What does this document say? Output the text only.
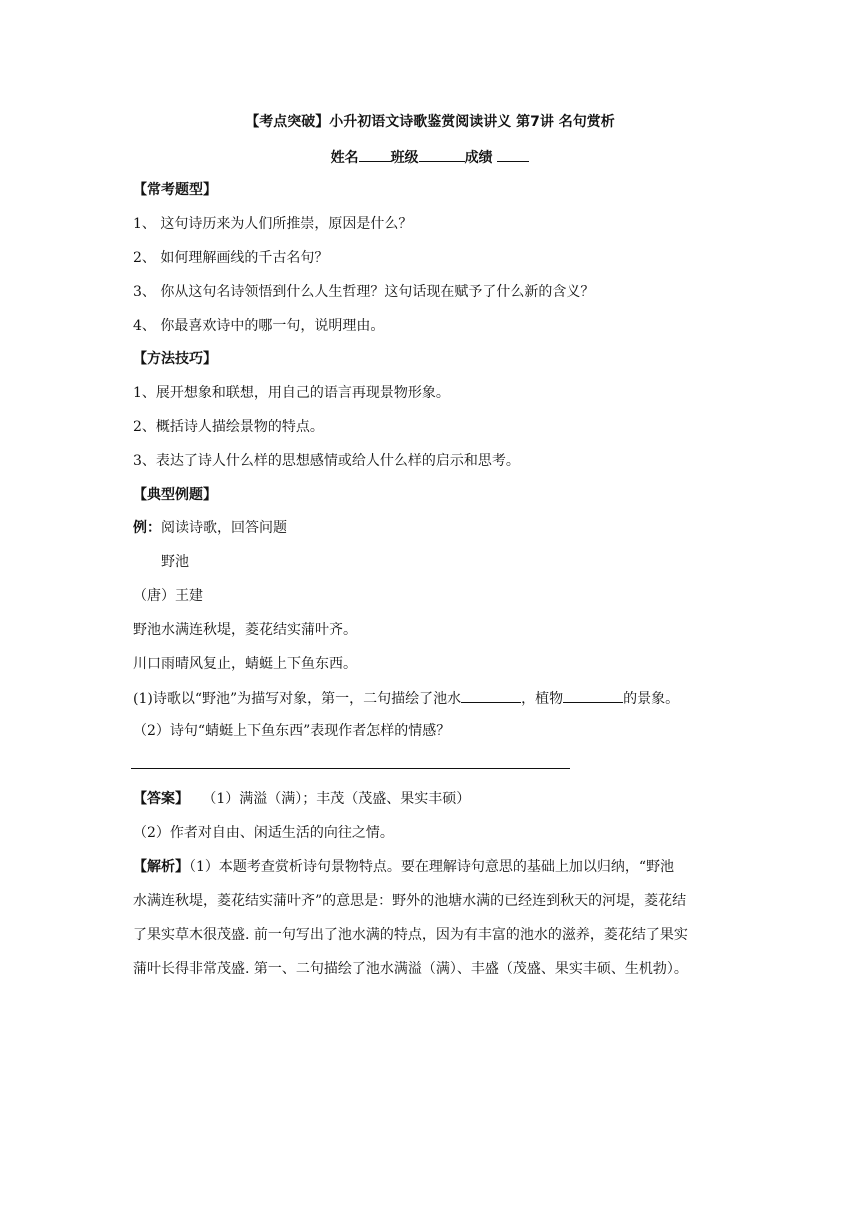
【考点突破】小升初语文诗歌鉴赏阅读讲义 第7讲 名句赏析
姓名 班级	成绩
【常考题型】
1、 这句诗历来为人们所推崇，原因是什么？
2、 如何理解画线的千古名句？
3、 你从这句名诗领悟到什么人生哲理？这句话现在赋予了什么新的含义？
4、 你最喜欢诗中的哪一句，说明理由。
【方法技巧】
1、展开想象和联想，用自己的语言再现景物形象。
2、概括诗人描绘景物的特点。
3、表达了诗人什么样的思想感情或给人什么样的启示和思考。
【典型例题】
例：阅读诗歌，回答问题
野池
（唐）王建
野池水满连秋堤，菱花结实蒲叶齐。
川口雨晴风复止，蜻蜓上下鱼东西。
(1)诗歌以“野池”为描写对象，第一，二句描绘了池水	，植物	的景象。
（2）诗句“蜻蜓上下鱼东西”表现作者怎样的情感？
【答案】 （1）满溢（满）；丰茂（茂盛、果实丰硕）
（2）作者对自由、闲适生活的向往之情。
【解析】（1）本题考查赏析诗句景物特点。要在理解诗句意思的基础上加以归纳，“野池
水满连秋堤，菱花结实蒲叶齐”的意思是：野外的池塘水满的已经连到秋天的河堤，菱花结
了果实草木很茂盛. 前一句写出了池水满的特点，因为有丰富的池水的滋养，菱花结了果实
蒲叶长得非常茂盛. 第一、二句描绘了池水满溢（满）、丰盛（茂盛、果实丰硕、生机勃）。
